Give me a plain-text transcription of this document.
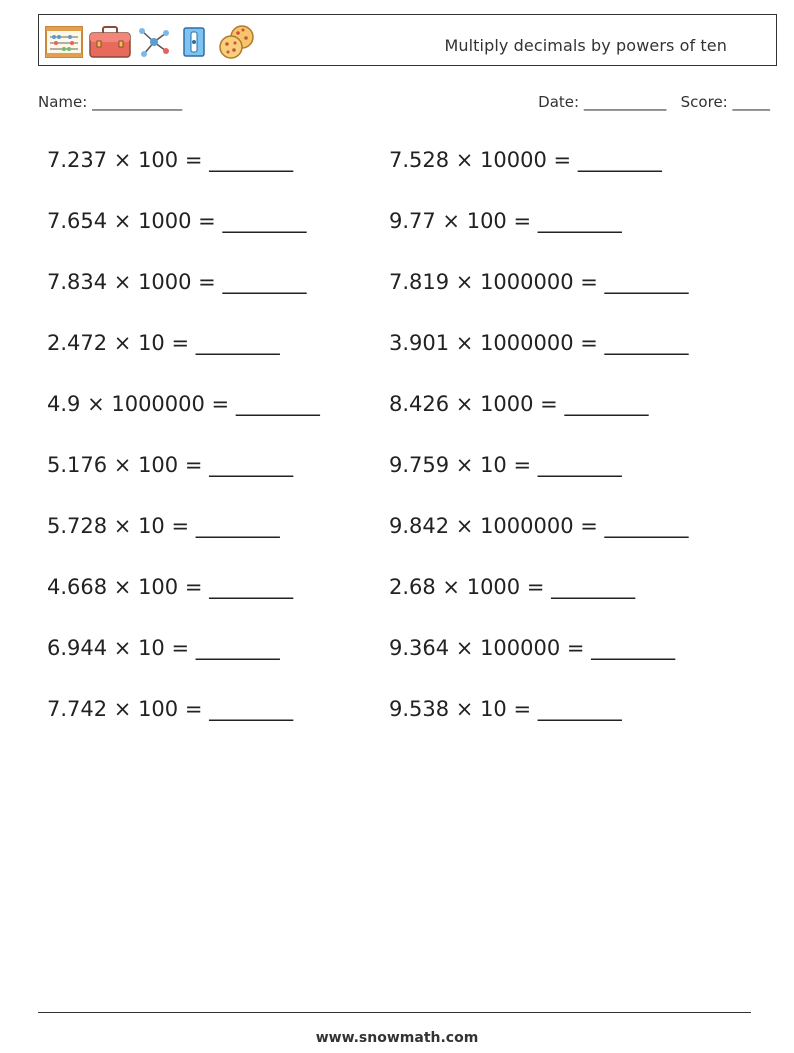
Multiply decimals by powers of ten
Name: ____________	Date: ___________ Score: _____
7.237 × 100 = ________	7.528 × 10000 = ________
7.654 × 1000 = ________	9.77 × 100 = ________
7.834 × 1000 = ________	7.819 × 1000000 = ________
2.472 × 10 = ________	3.901 × 1000000 = ________
4.9 × 1000000 = ________	8.426 × 1000 = ________
5.176 × 100 = ________	9.759 × 10 = ________
5.728 × 10 = ________	9.842 × 1000000 = ________
4.668 × 100 = ________	2.68 × 1000 = ________
6.944 × 10 = ________	9.364 × 100000 = ________
7.742 × 100 = ________	9.538 × 10 = ________
www.snowmath.com
